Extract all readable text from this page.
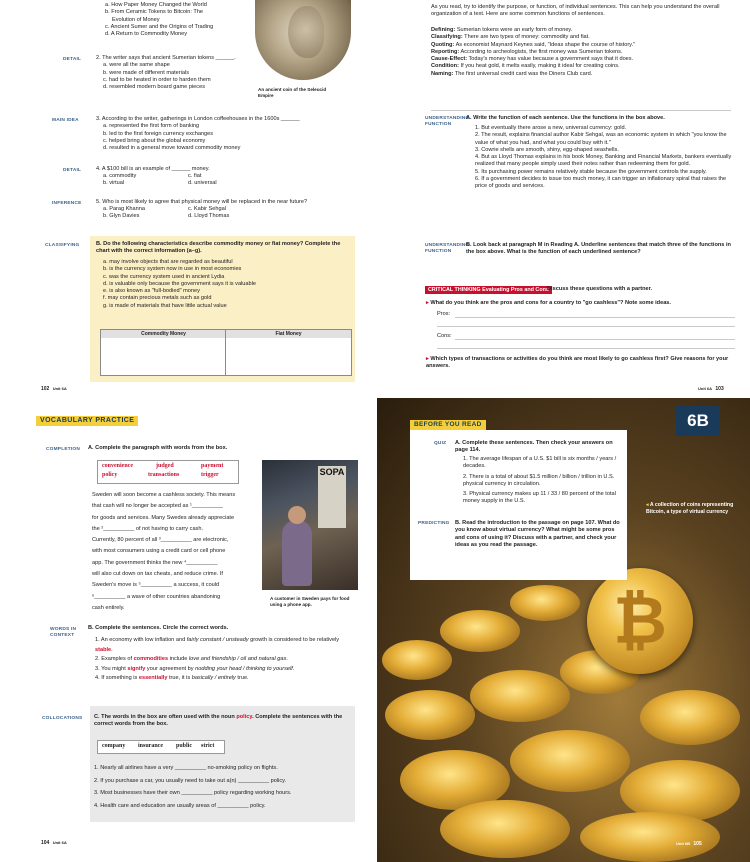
a. How Paper Money Changed the World
b. From Ceramic Tokens to Bitcoin: The
Evolution of Money
c. Ancient Sumer and the Origins of Trading
d. A Return to Commodity Money
An ancient coin of the Seleucid Empire
DETAIL	2. The writer says that ancient Sumerian tokens ______.
a. were all the same shape
b. were made of different materials
c. had to be heated in order to harden them
d. resembled modern board game pieces
MAIN IDEA	3. According to the writer, gatherings in London coffeehouses in the 1600s ______
a. represented the first form of banking
b. led to the first foreign currency exchanges
c. helped bring about the global economy
d. resulted in a general move toward commodity money
DETAIL	4. A $100 bill is an example of ______ money.
a. commodity	c. fiat
b. virtual	d. universal
INFERENCE	5. Who is most likely to agree that physical money will be replaced in the near future?
a. Parag Khanna	c. Kabir Sehgal
b. Glyn Davies	d. Lloyd Thomas
CLASSIFYING	B. Do the following characteristics describe commodity money or fiat money? Complete the chart with the correct information (a–g).
a. may involve objects that are regarded as beautiful
b. is the currency system now in use in most economies
c. was the currency system used in ancient Lydia
d. is valuable only because the government says it is valuable
e. is also known as "full-bodied" money
f. may contain precious metals such as gold
g. is made of materials that have little actual value
Commodity Money	Fiat Money
102 Unit 6A
As you read, try to identify the purpose, or function, of individual sentences. This can help you understand the overall organization of a text. Here are some common functions of sentences.
Defining: Sumerian tokens were an early form of money.
Classifying: There are two types of money: commodity and fiat.
Quoting: As economist Maynard Keynes said, "Ideas shape the course of history."
Reporting: According to archeologists, the first money was Sumerian tokens.
Cause-Effect: Today's money has value because a government says that it does.
Condition: If you heat gold, it melts easily, making it ideal for creating coins.
Naming: The first universal credit card was the Diners Club card.
UNDERSTANDING FUNCTION
A. Write the function of each sentence. Use the functions in the box above.
1. But eventually there arose a new, universal currency: gold.
2. The result, explains financial author Kabir Sehgal, was an economic system in which "you know the value of what you had, and what you could buy with it."
3. Cowrie shells are smooth, shiny, egg-shaped seashells.
4. But as Lloyd Thomas explains in his book Money, Banking and Financial Markets, bankers eventually realized that many people simply used their notes rather than redeeming them for gold.
5. Its purchasing power remains relatively stable because the government controls the supply.
6. If a government decides to issue too much money, it can trigger an inflationary spiral that raises the price of goods and services.
UNDERSTANDING FUNCTION
B. Look back at paragraph M in Reading A. Underline sentences that match three of the functions in the box above. What is the function of each underlined sentence?
CRITICAL THINKING Evaluating Pros and Cons
Discuss these questions with a partner.
▸ What do you think are the pros and cons for a country to "go cashless"? Note some ideas.
Pros:
Cons:
▸ Which types of transactions or activities do you think are most likely to go cashless first? Give reasons for your answers.
Unit 6A 103
VOCABULARY PRACTICE
COMPLETION A. Complete the paragraph with words from the box.
convenience	judged	payment
policy	transactions	trigger
Sweden will soon become a cashless society. This means
that cash will no longer be accepted as ¹__________
for goods and services. Many Swedes already appreciate
the ²__________ of not having to carry cash.
Currently, 80 percent of all ³__________ are electronic,
with most consumers using a credit card or cell phone
app. The government thinks the new ⁴__________
will also cut down on tax cheats, and reduce crime. If
Sweden's move is ⁵__________ a success, it could
⁶__________ a wave of other countries abandoning
cash entirely.
SOPA
A customer in Sweden pays for food using a phone app.
WORDS IN CONTEXT
B. Complete the sentences. Circle the correct words.
1. An economy with low inflation and fairly constant / unsteady growth is considered to be relatively stable.
2. Examples of commodities include love and friendship / oil and natural gas.
3. You might signify your agreement by nodding your head / thinking to yourself.
4. If something is essentially true, it is basically / entirely true.
COLLOCATIONS C. The words in the box are often used with the noun policy. Complete the sentences with the correct words from the box.
company insurance public strict
1. Nearly all airlines have a very __________ no-smoking policy on flights.
2. If you purchase a car, you usually need to take out a(n) __________ policy.
3. Most businesses have their own __________ policy regarding working hours.
4. Health care and education are usually areas of __________ policy.
104 Unit 6A
₿
6B
BEFORE YOU READ
QUIZ A. Complete these sentences. Then check your answers on page 114.
1. The average lifespan of a U.S. $1 bill is six months / years / decades.
2. There is a total of about $1.5 million / billion / trillion in U.S. physical currency in circulation.
3. Physical currency makes up 11 / 33 / 80 percent of the total money supply in the U.S.
PREDICTING B. Read the introduction to the passage on page 107. What do you know about virtual currency? What might be some pros and cons of using it? Discuss with a partner, and check your ideas as you read the passage.
◂ A collection of coins representing Bitcoin, a type of virtual currency
Unit 6B 105
